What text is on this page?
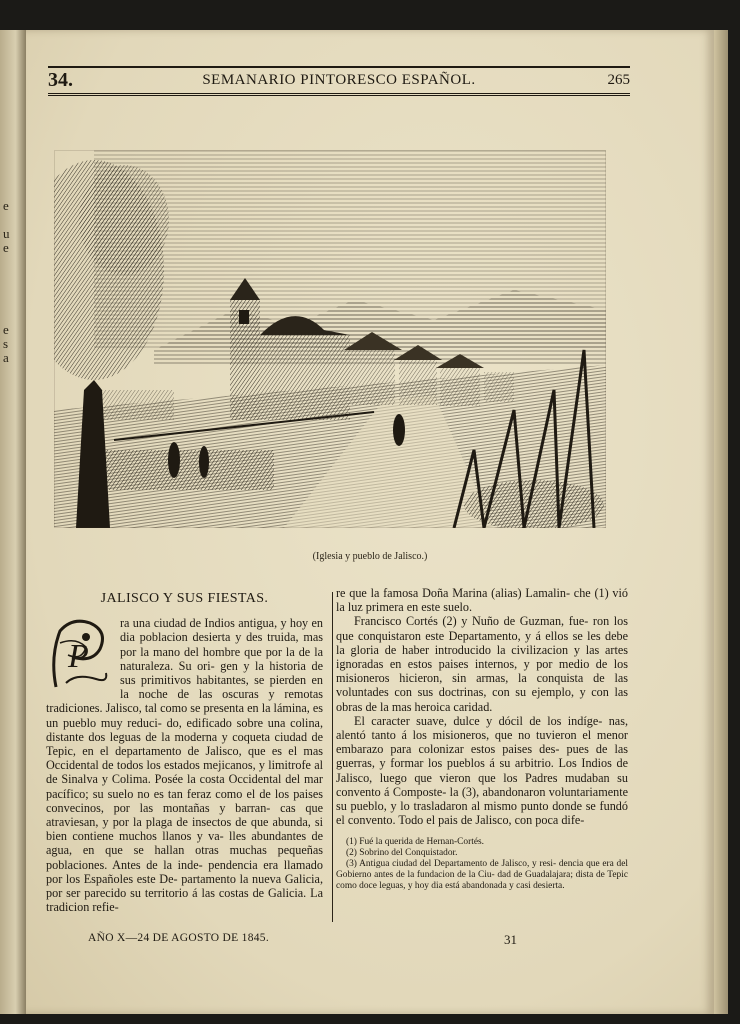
e
u
e
e
s
a
34.	SEMANARIO PINTORESCO ESPAÑOL.	265
(Iglesia y pueblo de Jalisco.)
JALISCO Y SUS FIESTAS.
P

ra una ciudad de Indios antigua, y hoy en dia poblacion desierta y des truida, mas por la mano del hombre que por la de la naturaleza. Su ori- gen y la historia de sus primitivos habitantes, se pierden en la noche de las oscuras y remotas tradiciones. Jalisco, tal como se presenta en la lámina, es un pueblo muy reduci- do, edificado sobre una colina, distante dos leguas de la moderna y coqueta ciudad de Tepic, en el departamento de Jalisco, que es el mas Occidental de todos los estados mejicanos, y limitrofe al de Sinalva y Colima. Posée la costa Occidental del mar pacífico; su suelo no es tan feraz como el de los paises convecinos, por las montañas y barran- cas que atraviesan, y por la plaga de insectos de que abunda, si bien contiene muchos llanos y va- lles abundantes de agua, en que se hallan otras muchas pequeñas poblaciones. Antes de la inde- pendencia era llamado por los Españoles este De- partamento la nueva Galicia, por ser parecido su territorio á las costas de Galicia. La tradicion refie-

re que la famosa Doña Marina (alias) Lamalin- che (1) vió la luz primera en este suelo.

Francisco Cortés (2) y Nuño de Guzman, fue- ron los que conquistaron este Departamento, y á ellos se les debe la gloria de haber introducido la civilizacion y las artes ignoradas en estos paises internos, y por medio de los misioneros hicieron, sin armas, la conquista de las voluntades con sus doctrinas, con su ejemplo, y con las obras de la mas heroica caridad.

El caracter suave, dulce y dócil de los indíge- nas, alentó tanto á los misioneros, que no tuvieron el menor embarazo para colonizar estos paises des- pues de las guerras, y formar los pueblos á su arbitrio. Los Indios de Jalisco, luego que vieron que los Padres mudaban su convento á Composte- la (3), abandonaron voluntariamente su pueblo, y lo trasladaron al mismo punto donde se fundó el convento. Todo el pais de Jalisco, con poca dife-

(1) Fué la querida de Hernan-Cortés.
(2) Sobrino del Conquistador.
(3) Antigua ciudad del Departamento de Jalisco, y resi- dencia que era del Gobierno antes de la fundacion de la Ciu- dad de Guadalajara; dista de Tepic como doce leguas, y hoy dia está abandonada y casi desierta.
AÑO X—24 DE AGOSTO DE 1845.	31
